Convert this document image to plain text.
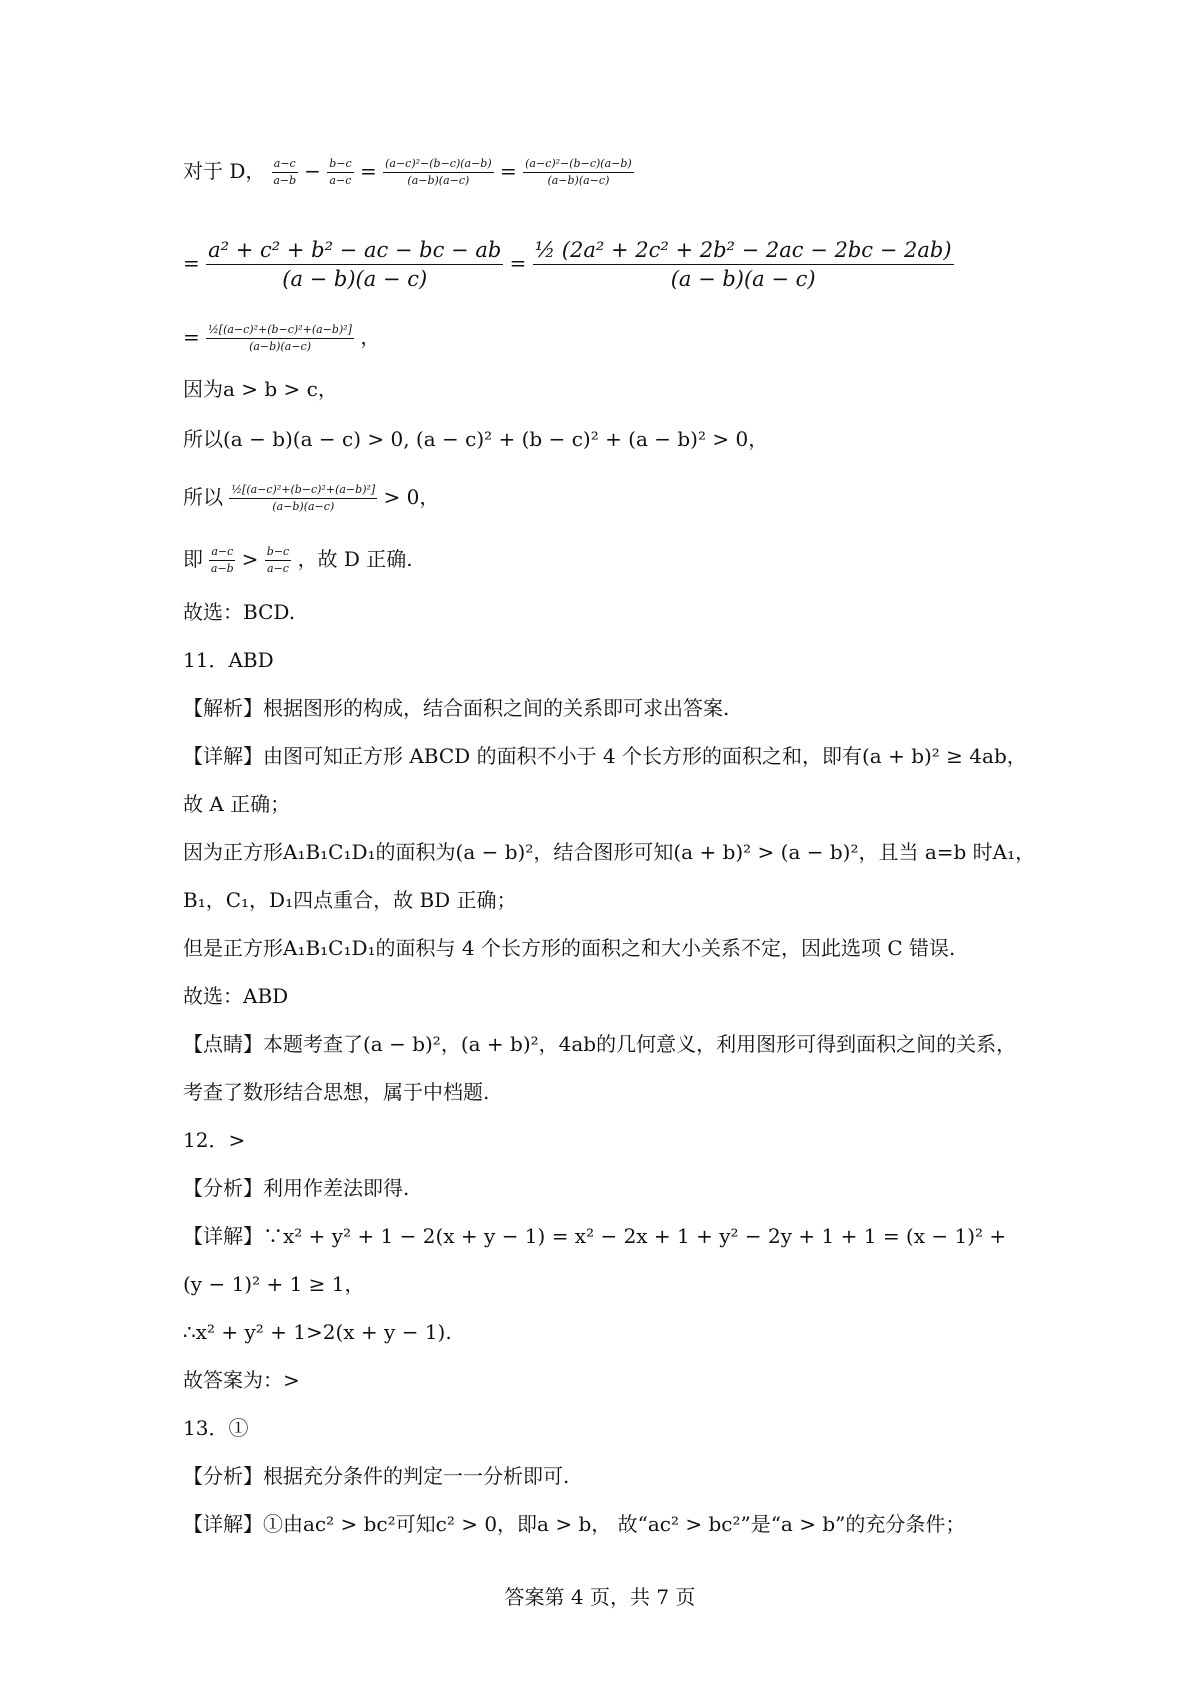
对于 D， $\frac{a-c}{a-b} - \frac{b-c}{a-c} = \frac{\text{(a−c)²−(b−c)(a−b)}}{(a-b)(a-c)} = \frac{\text{(a−c)²−(b−c)(a−b)}}{(a-b)(a-c)}$
= $\frac{\text{a² + c² + b² − ac − bc − ab}}{(a - b)(a - c)} = \frac{\text{½ (2a² + 2c² + 2b² − 2ac − 2bc − 2ab)}}{(a - b)(a - c)}$
= $\frac{\text{½[(a−c)²+(b−c)²+(a−b)²]}}{(a-b)(a-c)}$ ，
因为a > b > c，
所以(a − b)(a − c) > 0, (a − c)² + (b − c)² + (a − b)² > 0，
所以 $\frac{\text{½[(a−c)²+(b−c)²+(a−b)²]}}{(a-b)(a-c)} > 0$，
即 $\frac{a-c}{a-b} > \frac{b-c}{a-c}$ ，故 D 正确.
故选：BCD.
11．ABD
【解析】根据图形的构成，结合面积之间的关系即可求出答案.
【详解】由图可知正方形 ABCD 的面积不小于 4 个长方形的面积之和，即有(a + b)² ≥ 4ab，
故 A 正确；
因为正方形A₁B₁C₁D₁的面积为(a − b)²，结合图形可知(a + b)² > (a − b)²，且当 a=b 时A₁，
B₁，C₁，D₁四点重合，故 BD 正确；
但是正方形A₁B₁C₁D₁的面积与 4 个长方形的面积之和大小关系不定，因此选项 C 错误.
故选：ABD
【点睛】本题考查了(a − b)²，(a + b)²，4ab的几何意义，利用图形可得到面积之间的关系，
考查了数形结合思想，属于中档题.
12．>
【分析】利用作差法即得.
【详解】∵x² + y² + 1 − 2(x + y − 1) = x² − 2x + 1 + y² − 2y + 1 + 1 = (x − 1)² +
(y − 1)² + 1 ≥ 1，
∴x² + y² + 1>2(x + y − 1).
故答案为：>
13．①
【分析】根据充分条件的判定一一分析即可.
【详解】①由ac² > bc²可知c² > 0，即a > b， 故“ac² > bc²”是“a > b”的充分条件；
答案第 4 页，共 7 页
